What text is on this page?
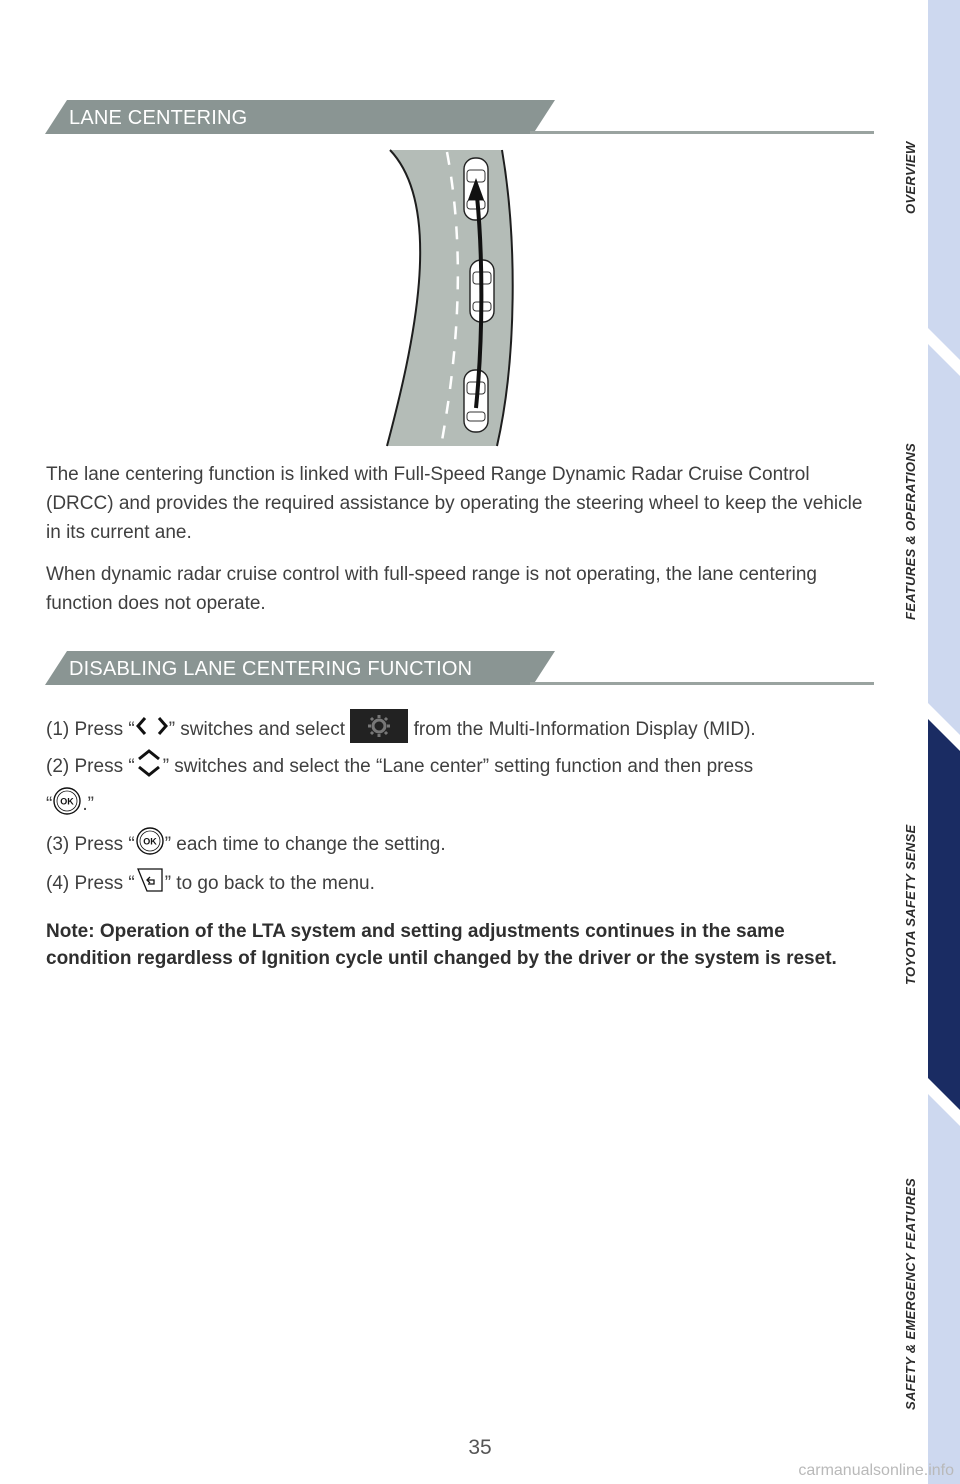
LANE CENTERING
The lane centering function is linked with Full-Speed Range Dynamic Radar Cruise Control (DRCC) and provides the required assistance by operating the steering wheel to keep the vehicle in its current ane.
When dynamic radar cruise control with full-speed range is not operating, the lane centering function does not operate.
DISABLING LANE CENTERING FUNCTION
(1) Press “ ” switches and select	from the Multi-Information Display (MID).
(2) Press “ ” switches and select the “Lane center” setting function and then press
“ OK .”
(3) Press “ OK ” each time to change the setting.
(4) Press “ ” to go back to the menu.
Note: Operation of the LTA system and setting adjustments continues in the same condition regardless of Ignition cycle until changed by the driver or the system is reset.
OVERVIEW
FEATURES & OPERATIONS
TOYOTA SAFETY SENSE
SAFETY & EMERGENCY FEATURES
35
carmanualsonline.info
